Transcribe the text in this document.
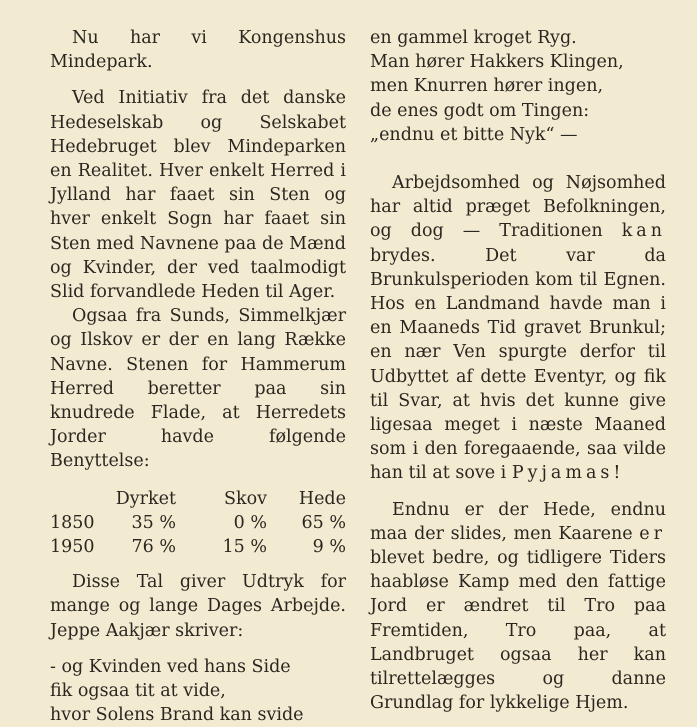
Nu har vi Kongenshus Mindepark.

Ved Initiativ fra det danske Hedeselskab og Selskabet Hedebruget blev Mindeparken en Realitet. Hver enkelt Herred i Jylland har faaet sin Sten og hver enkelt Sogn har faaet sin Sten med Navnene paa de Mænd og Kvinder, der ved taalmodigt Slid forvandlede Heden til Ager.

Ogsaa fra Sunds, Simmelkjær og Ilskov er der en lang Række Navne. Stenen for Hammerum Herred beretter paa sin knudrede Flade, at Herredets Jorder havde følgende Benyttelse:

	Dyrket	Skov	Hede
1850	35 %	0 %	65 %
1950	76 %	15 %	9 %

Disse Tal giver Udtryk for mange og lange Dages Arbejde. Jeppe Aakjær skriver:

- og Kvinden ved hans Side
fik ogsaa tit at vide,
hvor Solens Brand kan svide

en gammel kroget Ryg.
Man hører Hakkers Klingen,
men Knurren hører ingen,
de enes godt om Tingen:
„endnu et bitte Nyk“ —

Arbejdsomhed og Nøjsomhed har altid præget Befolkningen, og dog — Traditionen kan brydes. Det var da Brunkulsperioden kom til Egnen. Hos en Landmand havde man i en Maaneds Tid gravet Brunkul; en nær Ven spurgte derfor til Udbyttet af dette Eventyr, og fik til Svar, at hvis det kunne give ligesaa meget i næste Maaned som i den foregaaende, saa vilde han til at sove i Pyjamas!

Endnu er der Hede, endnu maa der slides, men Kaarene er blevet bedre, og tidligere Tiders haabløse Kamp med den fattige Jord er ændret til Tro paa Fremtiden, Tro paa, at Landbruget ogsaa her kan tilrettelægges og danne Grundlag for lykkelige Hjem.
